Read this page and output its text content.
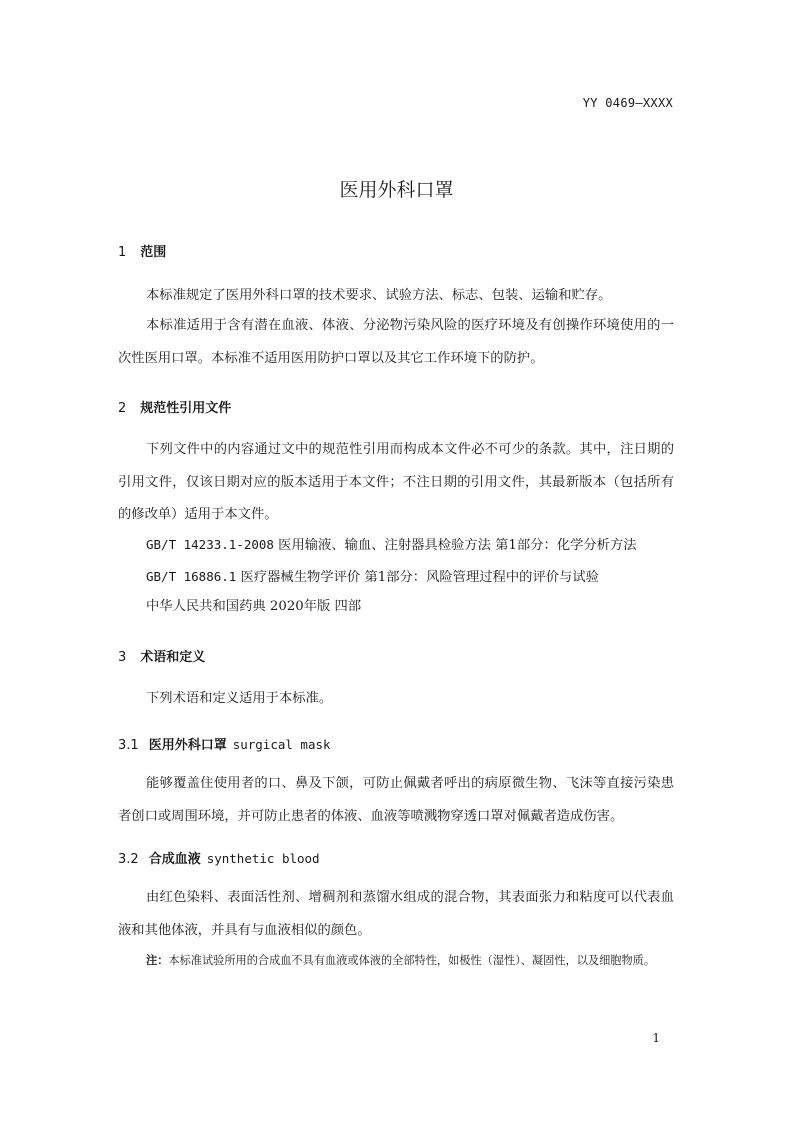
YY 0469—XXXX
医用外科口罩
1 范围
本标准规定了医用外科口罩的技术要求、试验方法、标志、包装、运输和贮存。
本标准适用于含有潜在血液、体液、分泌物污染风险的医疗环境及有创操作环境使用的一次性医用口罩。本标准不适用医用防护口罩以及其它工作环境下的防护。
2 规范性引用文件
下列文件中的内容通过文中的规范性引用而构成本文件必不可少的条款。其中，注日期的引用文件，仅该日期对应的版本适用于本文件；不注日期的引用文件，其最新版本（包括所有的修改单）适用于本文件。
GB/T 14233.1-2008 医用输液、输血、注射器具检验方法 第1部分：化学分析方法
GB/T 16886.1 医疗器械生物学评价 第1部分：风险管理过程中的评价与试验
中华人民共和国药典 2020年版 四部
3 术语和定义
下列术语和定义适用于本标准。
3.1 医用外科口罩 surgical mask
能够覆盖住使用者的口、鼻及下颌，可防止佩戴者呼出的病原微生物、飞沫等直接污染患者创口或周围环境，并可防止患者的体液、血液等喷溅物穿透口罩对佩戴者造成伤害。
3.2 合成血液 synthetic blood
由红色染料、表面活性剂、增稠剂和蒸馏水组成的混合物，其表面张力和粘度可以代表血液和其他体液，并具有与血液相似的颜色。
注：本标准试验所用的合成血不具有血液或体液的全部特性，如极性（湿性）、凝固性，以及细胞物质。
1
